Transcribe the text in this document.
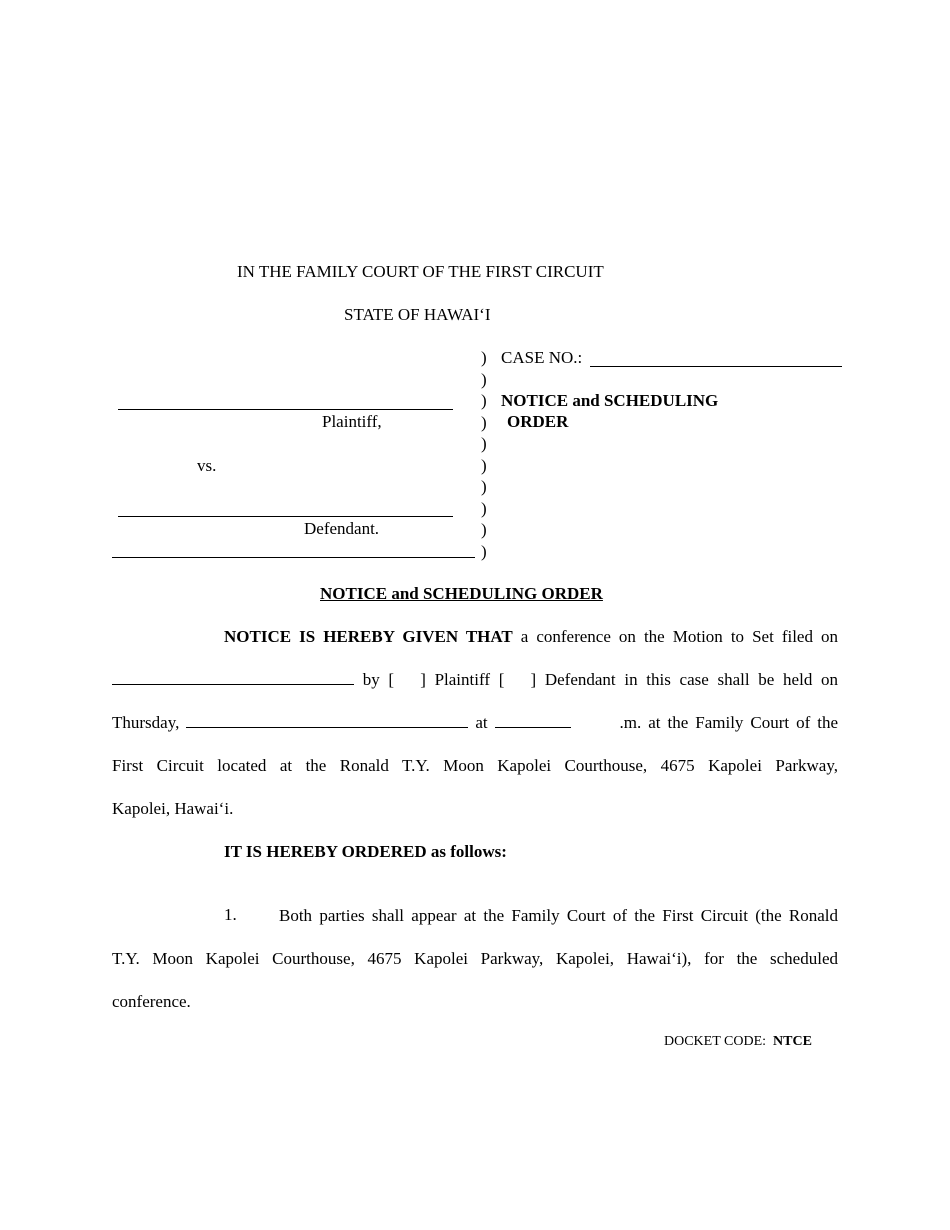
IN THE FAMILY COURT OF THE FIRST CIRCUIT
STATE OF HAWAI‘I
)
)
)
)
)
)
)
)
)
)
CASE NO.:
NOTICE and SCHEDULING
ORDER
Plaintiff,
vs.
Defendant.
NOTICE and SCHEDULING ORDER
NOTICE IS HEREBY GIVEN THAT a conference on the Motion to Set filed on
by [ ] Plaintiff [ ] Defendant in this case shall be held on
Thursday,	at	.m. at the Family Court of the
First Circuit located at the Ronald T.Y. Moon Kapolei Courthouse, 4675 Kapolei Parkway,
Kapolei, Hawai‘i.
IT IS HEREBY ORDERED as follows:
1.	Both parties shall appear at the Family Court of the First Circuit (the Ronald
T.Y. Moon Kapolei Courthouse, 4675 Kapolei Parkway, Kapolei, Hawai‘i), for the scheduled
conference.
DOCKET CODE: NTCE
